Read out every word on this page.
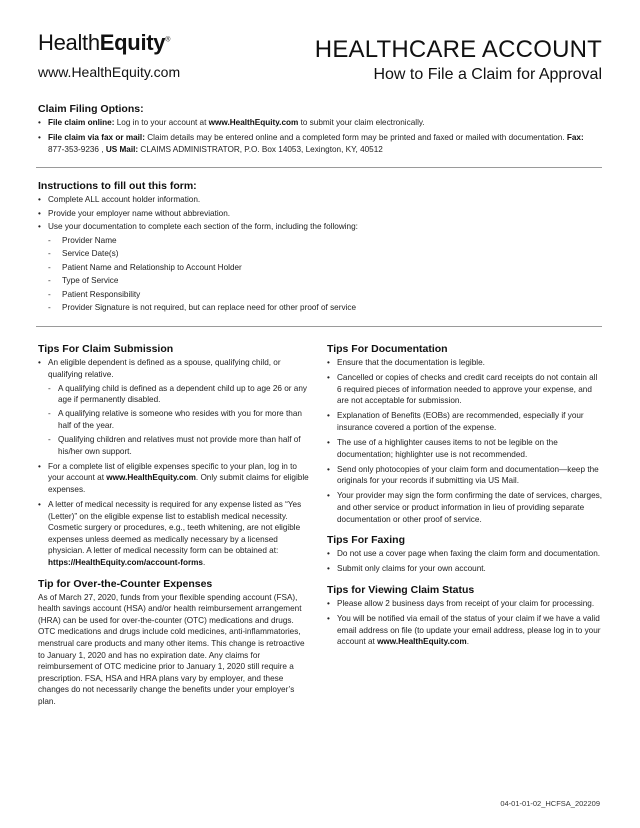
HealthEquity®
www.HealthEquity.com
HEALTHCARE ACCOUNT
How to File a Claim for Approval
Claim Filing Options:
• File claim online: Log in to your account at www.HealthEquity.com to submit your claim electronically.
• File claim via fax or mail: Claim details may be entered online and a completed form may be printed and faxed or mailed with documentation. Fax: 877-353-9236 , US Mail: CLAIMS ADMINISTRATOR, P.O. Box 14053, Lexington, KY, 40512
Instructions to fill out this form:
• Complete ALL account holder information.
• Provide your employer name without abbreviation.
• Use your documentation to complete each section of the form, including the following:
- Provider Name
- Service Date(s)
- Patient Name and Relationship to Account Holder
- Type of Service
- Patient Responsibility
- Provider Signature is not required, but can replace need for other proof of service
Tips For Claim Submission
• An eligible dependent is defined as a spouse, qualifying child, or qualifying relative.
- A qualifying child is defined as a dependent child up to age 26 or any age if permanently disabled.
- A qualifying relative is someone who resides with you for more than half of the year.
- Qualifying children and relatives must not provide more than half of his/her own support.
• For a complete list of eligible expenses specific to your plan, log in to your account at www.HealthEquity.com. Only submit claims for eligible expenses.
• A letter of medical necessity is required for any expense listed as “Yes (Letter)” on the eligible expense list to establish medical necessity. Cosmetic surgery or procedures, e.g., teeth whitening, are not eligible expenses unless deemed as medically necessary by a licensed physician. A letter of medical necessity form can be obtained at: https://HealthEquity.com/account-forms.
Tip for Over-the-Counter Expenses
As of March 27, 2020, funds from your flexible spending account (FSA), health savings account (HSA) and/or health reimbursement arrangement (HRA) can be used for over-the-counter (OTC) medications and drugs. OTC medications and drugs include cold medicines, anti-inflammatories, menstrual care products and many other items. This change is retroactive to January 1, 2020 and has no expiration date. Any claims for reimbursement of OTC medicine prior to January 1, 2020 still require a prescription. FSA, HSA and HRA plans vary by employer, and these changes do not necessarily change the benefits under your employer’s plan.
Tips For Documentation
• Ensure that the documentation is legible.
• Cancelled or copies of checks and credit card receipts do not contain all 6 required pieces of information needed to approve your expense, and are not acceptable for submission.
• Explanation of Benefits (EOBs) are recommended, especially if your insurance covered a portion of the expense.
• The use of a highlighter causes items to not be legible on the documentation; highlighter use is not recommended.
• Send only photocopies of your claim form and documentation—keep the originals for your records if submitting via US Mail.
• Your provider may sign the form confirming the date of services, charges, and other service or product information in lieu of providing separate documentation or other proof of service.
Tips For Faxing
• Do not use a cover page when faxing the claim form and documentation.
• Submit only claims for your own account.
Tips for Viewing Claim Status
• Please allow 2 business days from receipt of your claim for processing.
• You will be notified via email of the status of your claim if we have a valid email address on file (to update your email address, please log in to your account at www.HealthEquity.com.
04-01-01-02_HCFSA_202209
